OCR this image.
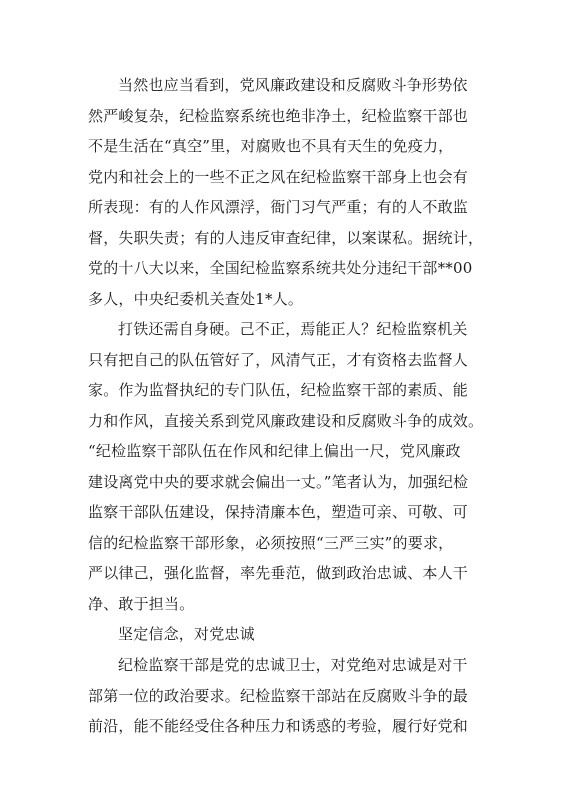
当然也应当看到，党风廉政建设和反腐败斗争形势依
然严峻复杂，纪检监察系统也绝非净土，纪检监察干部也
不是生活在“真空”里，对腐败也不具有天生的免疫力，
党内和社会上的一些不正之风在纪检监察干部身上也会有
所表现：有的人作风漂浮，衙门习气严重；有的人不敢监
督，失职失责；有的人违反审查纪律，以案谋私。据统计，
党的十八大以来，全国纪检监察系统共处分违纪干部**00
多人，中央纪委机关查处1*人。
打铁还需自身硬。己不正，焉能正人？纪检监察机关
只有把自己的队伍管好了，风清气正，才有资格去监督人
家。作为监督执纪的专门队伍，纪检监察干部的素质、能
力和作风，直接关系到党风廉政建设和反腐败斗争的成效。
“纪检监察干部队伍在作风和纪律上偏出一尺，党风廉政
建设离党中央的要求就会偏出一丈。”笔者认为，加强纪检
监察干部队伍建设，保持清廉本色，塑造可亲、可敬、可
信的纪检监察干部形象，必须按照“三严三实”的要求，
严以律己，强化监督，率先垂范，做到政治忠诚、本人干
净、敢于担当。
坚定信念，对党忠诚
纪检监察干部是党的忠诚卫士，对党绝对忠诚是对干
部第一位的政治要求。纪检监察干部站在反腐败斗争的最
前沿，能不能经受住各种压力和诱惑的考验，履行好党和
